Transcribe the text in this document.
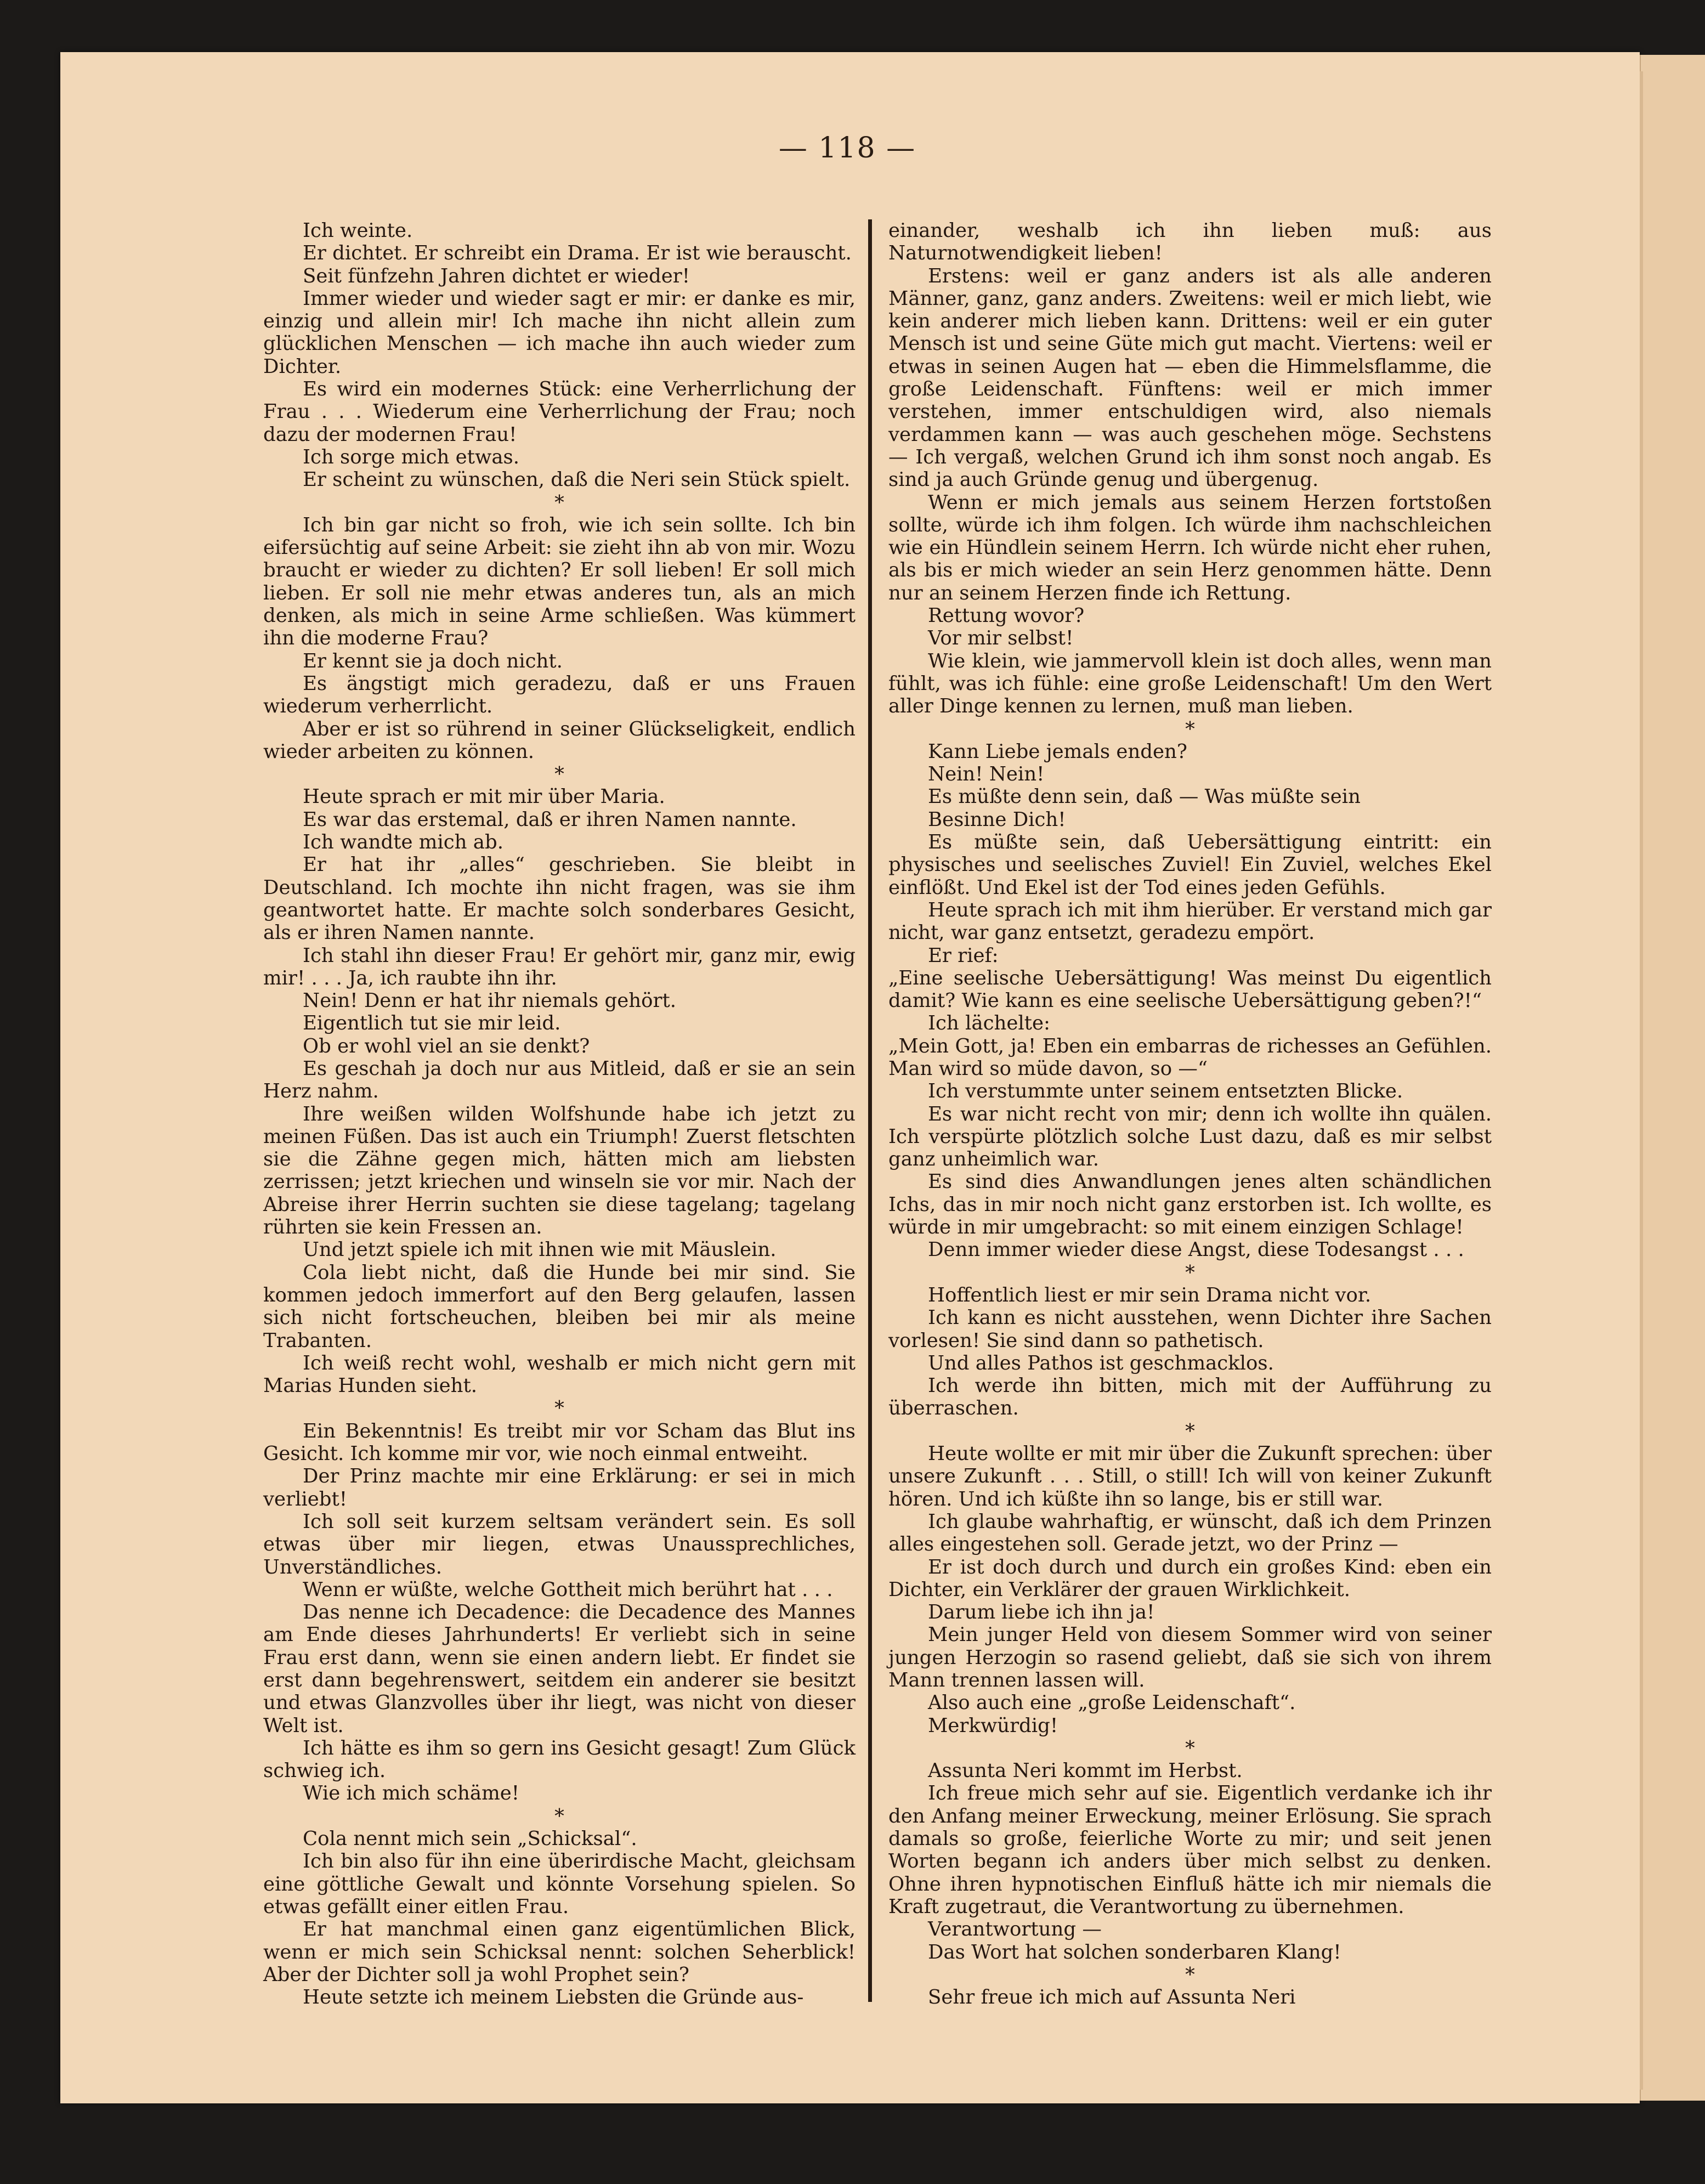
— 118 —

Ich weinte.

Er dichtet. Er schreibt ein Drama. Er ist wie berauscht.

Seit fünfzehn Jahren dichtet er wieder!

Immer wieder und wieder sagt er mir: er danke es mir, einzig und allein mir! Ich mache ihn nicht allein zum glücklichen Menschen — ich mache ihn auch wieder zum Dichter.

Es wird ein modernes Stück: eine Verherrlichung der Frau . . . Wiederum eine Verherrlichung der Frau; noch dazu der modernen Frau!

Ich sorge mich etwas.

Er scheint zu wünschen, daß die Neri sein Stück spielt.

*

Ich bin gar nicht so froh, wie ich sein sollte. Ich bin eifersüchtig auf seine Arbeit: sie zieht ihn ab von mir. Wozu braucht er wieder zu dichten? Er soll lieben! Er soll mich lieben. Er soll nie mehr etwas anderes tun, als an mich denken, als mich in seine Arme schließen. Was kümmert ihn die moderne Frau?

Er kennt sie ja doch nicht.

Es ängstigt mich geradezu, daß er uns Frauen wiederum verherrlicht.

Aber er ist so rührend in seiner Glückseligkeit, endlich wieder arbeiten zu können.

*

Heute sprach er mit mir über Maria.

Es war das erstemal, daß er ihren Namen nannte.

Ich wandte mich ab.

Er hat ihr „alles“ geschrieben. Sie bleibt in Deutschland. Ich mochte ihn nicht fragen, was sie ihm geantwortet hatte. Er machte solch sonderbares Gesicht, als er ihren Namen nannte.

Ich stahl ihn dieser Frau! Er gehört mir, ganz mir, ewig mir! . . . Ja, ich raubte ihn ihr.

Nein! Denn er hat ihr niemals gehört.

Eigentlich tut sie mir leid.

Ob er wohl viel an sie denkt?

Es geschah ja doch nur aus Mitleid, daß er sie an sein Herz nahm.

Ihre weißen wilden Wolfshunde habe ich jetzt zu meinen Füßen. Das ist auch ein Triumph! Zuerst fletschten sie die Zähne gegen mich, hätten mich am liebsten zerrissen; jetzt kriechen und winseln sie vor mir. Nach der Abreise ihrer Herrin suchten sie diese tagelang; tagelang rührten sie kein Fressen an.

Und jetzt spiele ich mit ihnen wie mit Mäuslein.

Cola liebt nicht, daß die Hunde bei mir sind. Sie kommen jedoch immerfort auf den Berg gelaufen, lassen sich nicht fortscheuchen, bleiben bei mir als meine Trabanten.

Ich weiß recht wohl, weshalb er mich nicht gern mit Marias Hunden sieht.

*

Ein Bekenntnis! Es treibt mir vor Scham das Blut ins Gesicht. Ich komme mir vor, wie noch einmal entweiht.

Der Prinz machte mir eine Erklärung: er sei in mich verliebt!

Ich soll seit kurzem seltsam verändert sein. Es soll etwas über mir liegen, etwas Unaussprechliches, Unverständliches.

Wenn er wüßte, welche Gottheit mich berührt hat . . .

Das nenne ich Decadence: die Decadence des Mannes am Ende dieses Jahrhunderts! Er verliebt sich in seine Frau erst dann, wenn sie einen andern liebt. Er findet sie erst dann begehrenswert, seitdem ein anderer sie besitzt und etwas Glanzvolles über ihr liegt, was nicht von dieser Welt ist.

Ich hätte es ihm so gern ins Gesicht gesagt! Zum Glück schwieg ich.

Wie ich mich schäme!

*

Cola nennt mich sein „Schicksal“.

Ich bin also für ihn eine überirdische Macht, gleichsam eine göttliche Gewalt und könnte Vorsehung spielen. So etwas gefällt einer eitlen Frau.

Er hat manchmal einen ganz eigentümlichen Blick, wenn er mich sein Schicksal nennt: solchen Seherblick! Aber der Dichter soll ja wohl Prophet sein?

Heute setzte ich meinem Liebsten die Gründe aus-

einander, weshalb ich ihn lieben muß: aus Naturnotwendigkeit lieben!

Erstens: weil er ganz anders ist als alle anderen Männer, ganz, ganz anders. Zweitens: weil er mich liebt, wie kein anderer mich lieben kann. Drittens: weil er ein guter Mensch ist und seine Güte mich gut macht. Viertens: weil er etwas in seinen Augen hat — eben die Himmelsflamme, die große Leidenschaft. Fünftens: weil er mich immer verstehen, immer entschuldigen wird, also niemals verdammen kann — was auch geschehen möge. Sechstens — Ich vergaß, welchen Grund ich ihm sonst noch angab. Es sind ja auch Gründe genug und übergenug.

Wenn er mich jemals aus seinem Herzen fortstoßen sollte, würde ich ihm folgen. Ich würde ihm nachschleichen wie ein Hündlein seinem Herrn. Ich würde nicht eher ruhen, als bis er mich wieder an sein Herz genommen hätte. Denn nur an seinem Herzen finde ich Rettung.

Rettung wovor?

Vor mir selbst!

Wie klein, wie jammervoll klein ist doch alles, wenn man fühlt, was ich fühle: eine große Leidenschaft! Um den Wert aller Dinge kennen zu lernen, muß man lieben.

*

Kann Liebe jemals enden?

Nein! Nein!

Es müßte denn sein, daß — Was müßte sein

Besinne Dich!

Es müßte sein, daß Uebersättigung eintritt: ein physisches und seelisches Zuviel! Ein Zuviel, welches Ekel einflößt. Und Ekel ist der Tod eines jeden Gefühls.

Heute sprach ich mit ihm hierüber. Er verstand mich gar nicht, war ganz entsetzt, geradezu empört.

Er rief:

„Eine seelische Uebersättigung! Was meinst Du eigentlich damit? Wie kann es eine seelische Uebersättigung geben?!“

Ich lächelte:

„Mein Gott, ja! Eben ein embarras de richesses an Gefühlen. Man wird so müde davon, so —“

Ich verstummte unter seinem entsetzten Blicke.

Es war nicht recht von mir; denn ich wollte ihn quälen. Ich verspürte plötzlich solche Lust dazu, daß es mir selbst ganz unheimlich war.

Es sind dies Anwandlungen jenes alten schändlichen Ichs, das in mir noch nicht ganz erstorben ist. Ich wollte, es würde in mir umgebracht: so mit einem einzigen Schlage!

Denn immer wieder diese Angst, diese Todesangst . . .

*

Hoffentlich liest er mir sein Drama nicht vor.

Ich kann es nicht ausstehen, wenn Dichter ihre Sachen vorlesen! Sie sind dann so pathetisch.

Und alles Pathos ist geschmacklos.

Ich werde ihn bitten, mich mit der Aufführung zu überraschen.

*

Heute wollte er mit mir über die Zukunft sprechen: über unsere Zukunft . . . Still, o still! Ich will von keiner Zukunft hören. Und ich küßte ihn so lange, bis er still war.

Ich glaube wahrhaftig, er wünscht, daß ich dem Prinzen alles eingestehen soll. Gerade jetzt, wo der Prinz —

Er ist doch durch und durch ein großes Kind: eben ein Dichter, ein Verklärer der grauen Wirklichkeit.

Darum liebe ich ihn ja!

Mein junger Held von diesem Sommer wird von seiner jungen Herzogin so rasend geliebt, daß sie sich von ihrem Mann trennen lassen will.

Also auch eine „große Leidenschaft“.

Merkwürdig!

*

Assunta Neri kommt im Herbst.

Ich freue mich sehr auf sie. Eigentlich verdanke ich ihr den Anfang meiner Erweckung, meiner Erlösung. Sie sprach damals so große, feierliche Worte zu mir; und seit jenen Worten begann ich anders über mich selbst zu denken. Ohne ihren hypnotischen Einfluß hätte ich mir niemals die Kraft zugetraut, die Verantwortung zu übernehmen.

Verantwortung —

Das Wort hat solchen sonderbaren Klang!

*

Sehr freue ich mich auf Assunta Neri
